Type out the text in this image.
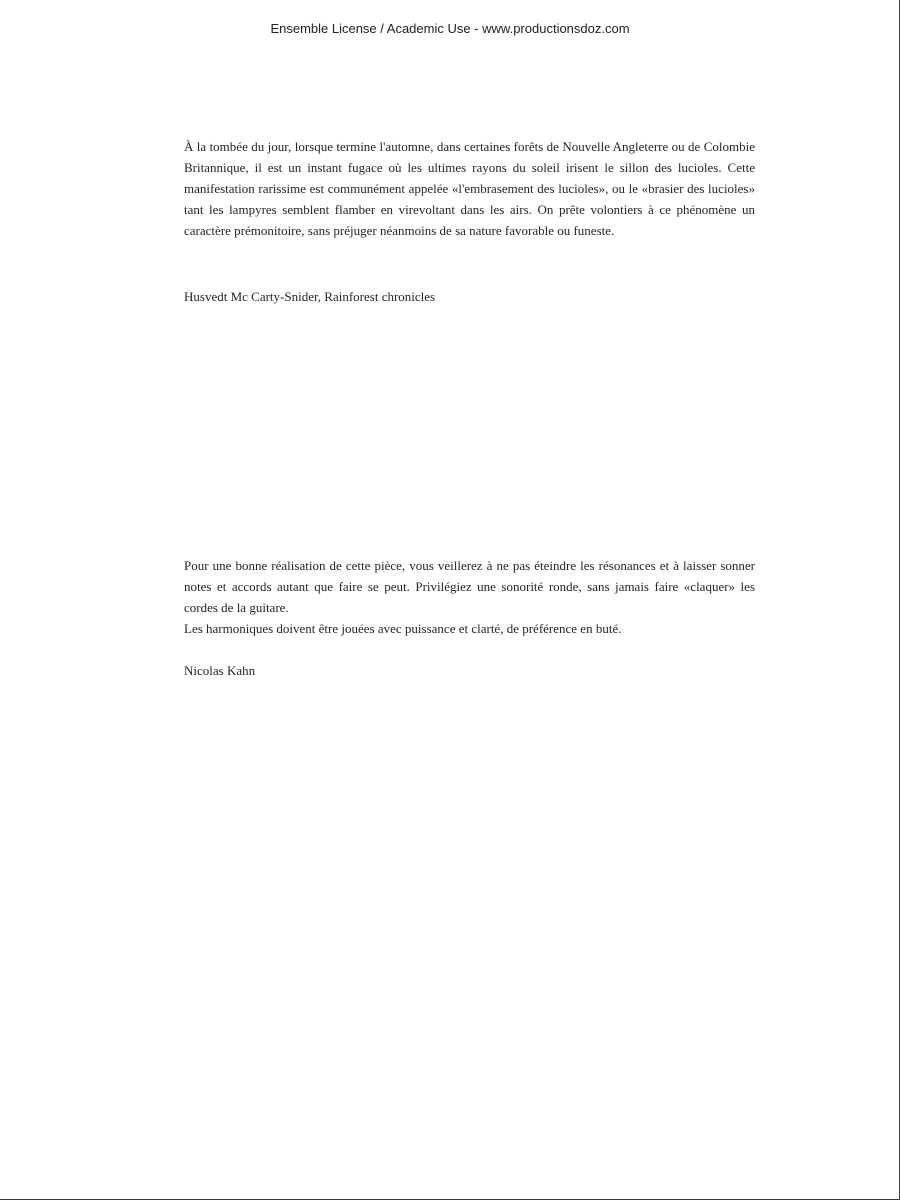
Ensemble License / Academic Use - www.productionsdoz.com

À la tombée du jour, lorsque termine l'automne, dans certaines forêts de Nouvelle Angleterre ou de Colombie Britannique, il est un instant fugace où les ultimes rayons du soleil irisent le sillon des lucioles. Cette manifestation rarissime est communément appelée «l'embrasement des lucioles», ou le «brasier des lucioles» tant les lampyres semblent flamber en virevoltant dans les airs. On prête volontiers à ce phénomène un caractère prémonitoire, sans préjuger néanmoins de sa nature favorable ou funeste.

Husvedt Mc Carty-Snider, Rainforest chronicles

Pour une bonne réalisation de cette pièce, vous veillerez à ne pas éteindre les résonances et à laisser sonner notes et accords autant que faire se peut. Privilégiez une sonorité ronde, sans jamais faire «claquer» les cordes de la guitare.
Les harmoniques doivent être jouées avec puissance et clarté, de préférence en buté.

Nicolas Kahn
